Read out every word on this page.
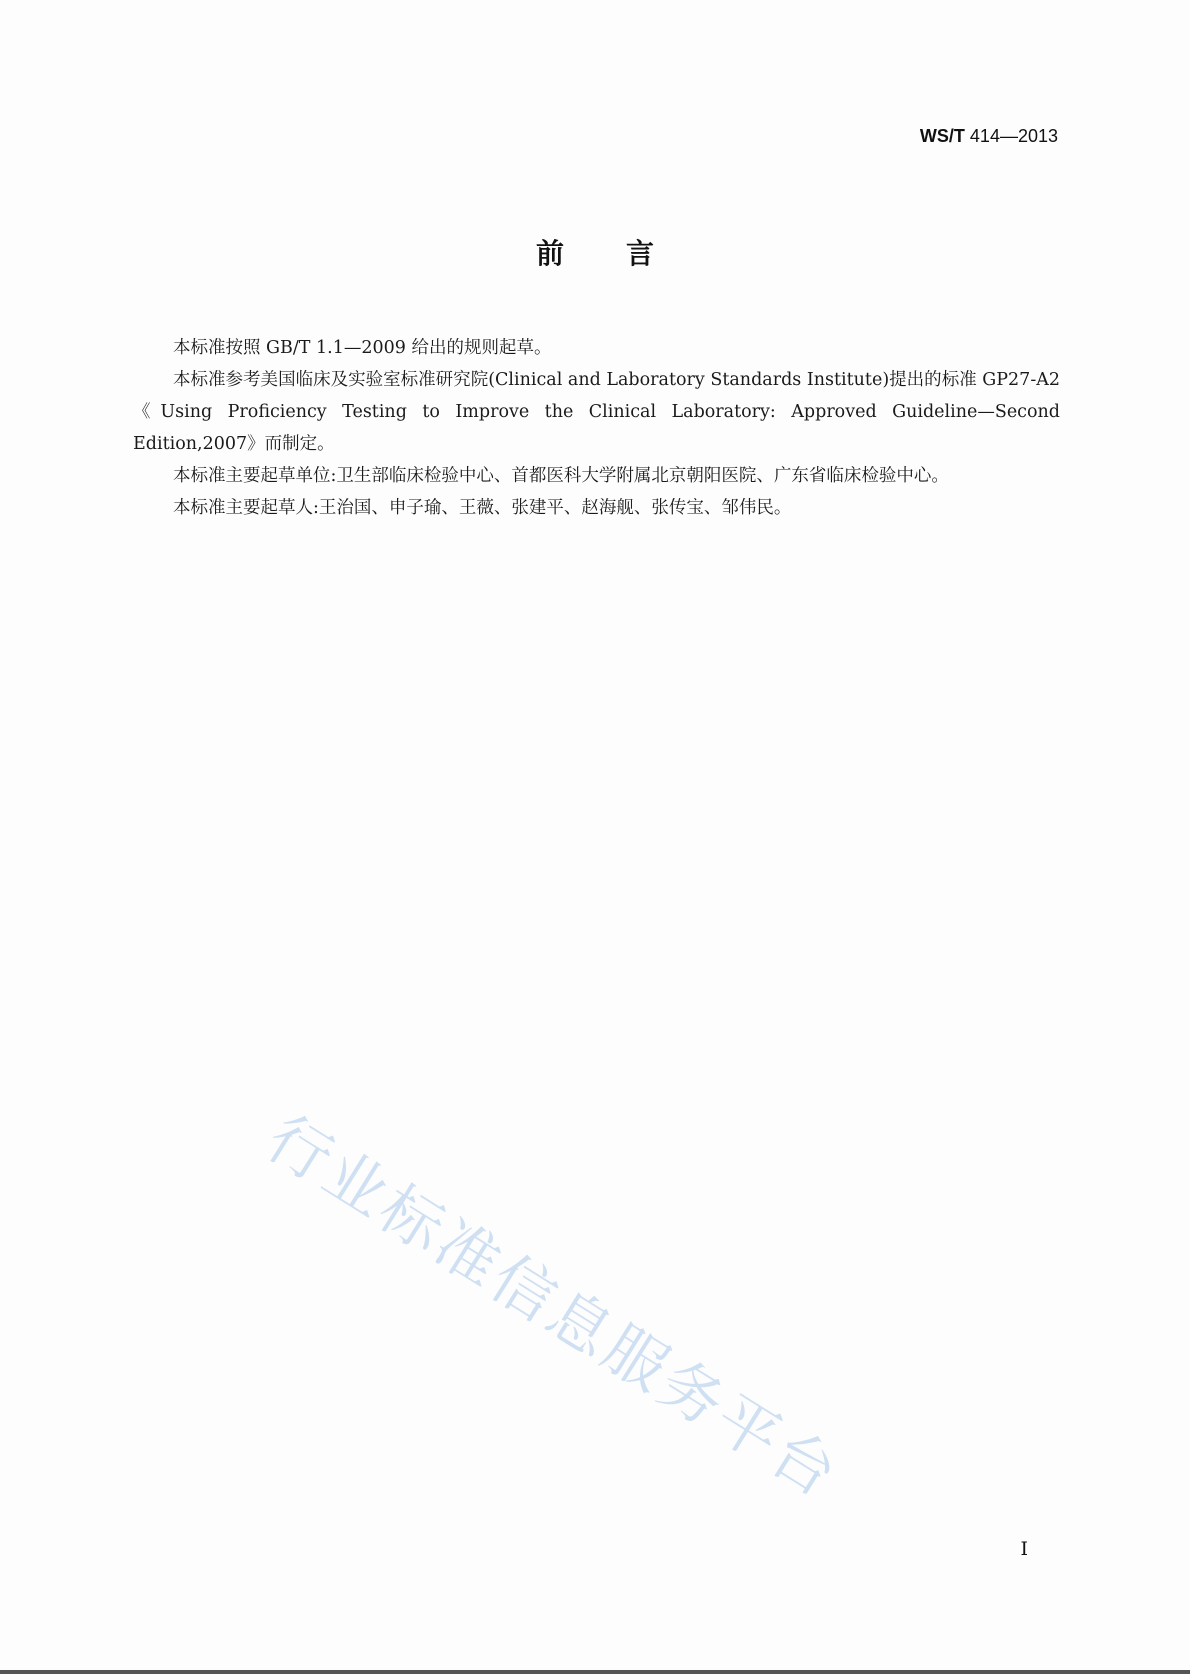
WS/T 414—2013
前言

本标准按照 GB/T 1.1—2009 给出的规则起草。

本标准参考美国临床及实验室标准研究院(Clinical and Laboratory Standards Institute)提出的标准 GP27-A2《Using Proficiency Testing to Improve the Clinical Laboratory: Approved Guideline—Second Edition,2007》而制定。

本标准主要起草单位:卫生部临床检验中心、首都医科大学附属北京朝阳医院、广东省临床检验中心。

本标准主要起草人:王治国、申子瑜、王薇、张建平、赵海舰、张传宝、邹伟民。

行业标准信息服务平台
I
